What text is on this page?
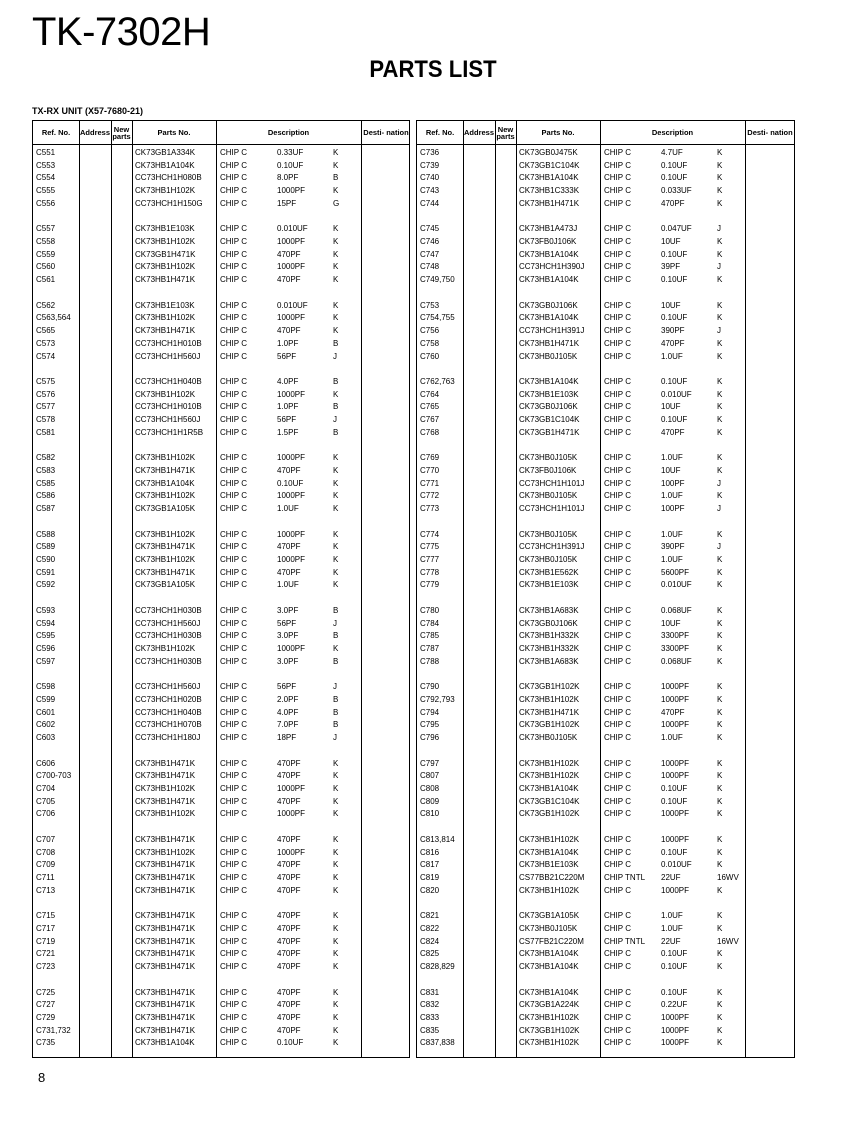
TK-7302H
PARTS LIST
TX-RX UNIT (X57-7680-21)
Ref. No.	Address New parts	Parts No.	Description	Desti- nation
C551	CK73GB1A334K	CHIP C	0.33UF	K
C553	CK73HB1A104K	CHIP C	0.10UF	K
C554	CC73HCH1H080B CHIP C	8.0PF	B
C555	CK73HB1H102K	CHIP C	1000PF	K
C556	CC73HCH1H150G CHIP C	15PF	G
C557	CK73HB1E103K	CHIP C	0.010UF	K
C558	CK73HB1H102K	CHIP C	1000PF	K
C559	CK73GB1H471K	CHIP C	470PF	K
C560	CK73HB1H102K	CHIP C	1000PF	K
C561	CK73HB1H471K	CHIP C	470PF	K
C562	CK73HB1E103K	CHIP C	0.010UF	K
C563,564	CK73HB1H102K	CHIP C	1000PF	K
C565	CK73HB1H471K	CHIP C	470PF	K
C573	CC73HCH1H010B CHIP C	1.0PF	B
C574	CC73HCH1H560J CHIP C	56PF	J
C575	CC73HCH1H040B CHIP C	4.0PF	B
C576	CK73HB1H102K	CHIP C	1000PF	K
C577	CC73HCH1H010B CHIP C	1.0PF	B
C578	CC73HCH1H560J CHIP C	56PF	J
C581	CC73HCH1H1R5B CHIP C	1.5PF	B
C582	CK73HB1H102K	CHIP C	1000PF	K
C583	CK73HB1H471K	CHIP C	470PF	K
C585	CK73HB1A104K	CHIP C	0.10UF	K
C586	CK73HB1H102K	CHIP C	1000PF	K
C587	CK73GB1A105K	CHIP C	1.0UF	K
C588	CK73HB1H102K	CHIP C	1000PF	K
C589	CK73HB1H471K	CHIP C	470PF	K
C590	CK73HB1H102K	CHIP C	1000PF	K
C591	CK73HB1H471K	CHIP C	470PF	K
C592	CK73GB1A105K	CHIP C	1.0UF	K
C593	CC73HCH1H030B CHIP C	3.0PF	B
C594	CC73HCH1H560J CHIP C	56PF	J
C595	CC73HCH1H030B CHIP C	3.0PF	B
C596	CK73HB1H102K	CHIP C	1000PF	K
C597	CC73HCH1H030B CHIP C	3.0PF	B
C598	CC73HCH1H560J CHIP C	56PF	J
C599	CC73HCH1H020B CHIP C	2.0PF	B
C601	CC73HCH1H040B CHIP C	4.0PF	B
C602	CC73HCH1H070B CHIP C	7.0PF	B
C603	CC73HCH1H180J CHIP C	18PF	J
C606	CK73HB1H471K	CHIP C	470PF	K
C700-703	CK73HB1H471K	CHIP C	470PF	K
C704	CK73HB1H102K	CHIP C	1000PF	K
C705	CK73HB1H471K	CHIP C	470PF	K
C706	CK73HB1H102K	CHIP C	1000PF	K
C707	CK73HB1H471K	CHIP C	470PF	K
C708	CK73HB1H102K	CHIP C	1000PF	K
C709	CK73HB1H471K	CHIP C	470PF	K
C711	CK73HB1H471K	CHIP C	470PF	K
C713	CK73HB1H471K	CHIP C	470PF	K
C715	CK73HB1H471K	CHIP C	470PF	K
C717	CK73HB1H471K	CHIP C	470PF	K
C719	CK73HB1H471K	CHIP C	470PF	K
C721	CK73HB1H471K	CHIP C	470PF	K
C723	CK73HB1H471K	CHIP C	470PF	K
C725	CK73HB1H471K	CHIP C	470PF	K
C727	CK73HB1H471K	CHIP C	470PF	K
C729	CK73HB1H471K	CHIP C	470PF	K
C731,732	CK73HB1H471K	CHIP C	470PF	K
C735	CK73HB1A104K	CHIP C	0.10UF	K
Ref. No.	Address New parts	Parts No.	Description	Desti- nation
C736	CK73GB0J475K	CHIP C	4.7UF	K
C739	CK73GB1C104K	CHIP C	0.10UF	K
C740	CK73HB1A104K	CHIP C	0.10UF	K
C743	CK73HB1C333K	CHIP C	0.033UF	K
C744	CK73HB1H471K	CHIP C	470PF	K
C745	CK73HB1A473J	CHIP C	0.047UF	J
C746	CK73FB0J106K	CHIP C	10UF	K
C747	CK73HB1A104K	CHIP C	0.10UF	K
C748	CC73HCH1H390J CHIP C	39PF	J
C749,750	CK73HB1A104K	CHIP C	0.10UF	K
C753	CK73GB0J106K	CHIP C	10UF	K
C754,755	CK73HB1A104K	CHIP C	0.10UF	K
C756	CC73HCH1H391J CHIP C	390PF	J
C758	CK73HB1H471K	CHIP C	470PF	K
C760	CK73HB0J105K	CHIP C	1.0UF	K
C762,763	CK73HB1A104K	CHIP C	0.10UF	K
C764	CK73HB1E103K	CHIP C	0.010UF	K
C765	CK73GB0J106K	CHIP C	10UF	K
C767	CK73GB1C104K	CHIP C	0.10UF	K
C768	CK73GB1H471K	CHIP C	470PF	K
C769	CK73HB0J105K	CHIP C	1.0UF	K
C770	CK73FB0J106K	CHIP C	10UF	K
C771	CC73HCH1H101J CHIP C	100PF	J
C772	CK73HB0J105K	CHIP C	1.0UF	K
C773	CC73HCH1H101J CHIP C	100PF	J
C774	CK73HB0J105K	CHIP C	1.0UF	K
C775	CC73HCH1H391J CHIP C	390PF	J
C777	CK73HB0J105K	CHIP C	1.0UF	K
C778	CK73HB1E562K	CHIP C	5600PF	K
C779	CK73HB1E103K	CHIP C	0.010UF	K
C780	CK73HB1A683K	CHIP C	0.068UF	K
C784	CK73GB0J106K	CHIP C	10UF	K
C785	CK73HB1H332K	CHIP C	3300PF	K
C787	CK73HB1H332K	CHIP C	3300PF	K
C788	CK73HB1A683K	CHIP C	0.068UF	K
C790	CK73GB1H102K	CHIP C	1000PF	K
C792,793	CK73HB1H102K	CHIP C	1000PF	K
C794	CK73HB1H471K	CHIP C	470PF	K
C795	CK73GB1H102K	CHIP C	1000PF	K
C796	CK73HB0J105K	CHIP C	1.0UF	K
C797	CK73HB1H102K	CHIP C	1000PF	K
C807	CK73HB1H102K	CHIP C	1000PF	K
C808	CK73HB1A104K	CHIP C	0.10UF	K
C809	CK73GB1C104K	CHIP C	0.10UF	K
C810	CK73GB1H102K	CHIP C	1000PF	K
C813,814	CK73HB1H102K	CHIP C	1000PF	K
C816	CK73HB1A104K	CHIP C	0.10UF	K
C817	CK73HB1E103K	CHIP C	0.010UF	K
C819	CS77BB21C220M CHIP TNTL 22UF	16WV
C820	CK73HB1H102K	CHIP C	1000PF	K
C821	CK73GB1A105K	CHIP C	1.0UF	K
C822	CK73HB0J105K	CHIP C	1.0UF	K
C824	CS77FB21C220M	CHIP TNTL 22UF	16WV
C825	CK73HB1A104K	CHIP C	0.10UF	K
C828,829	CK73HB1A104K	CHIP C	0.10UF	K
C831	CK73HB1A104K	CHIP C	0.10UF	K
C832	CK73GB1A224K	CHIP C	0.22UF	K
C833	CK73HB1H102K	CHIP C	1000PF	K
C835	CK73GB1H102K	CHIP C	1000PF	K
C837,838	CK73HB1H102K	CHIP C	1000PF	K
8
